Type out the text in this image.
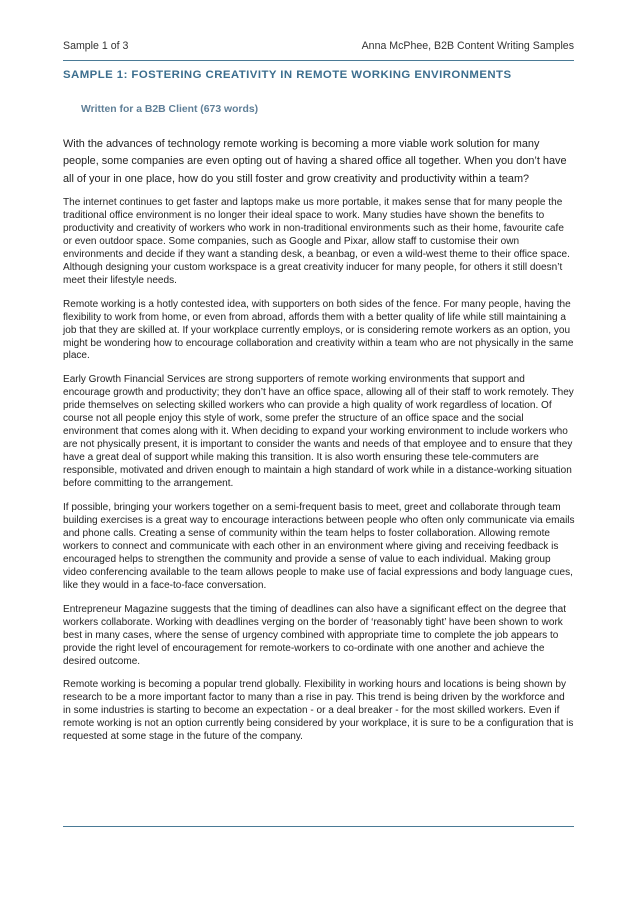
Sample 1 of 3	Anna McPhee, B2B Content Writing Samples
SAMPLE 1: FOSTERING CREATIVITY IN REMOTE WORKING ENVIRONMENTS
Written for a B2B Client (673 words)

With the advances of technology remote working is becoming a more viable work solution for many people, some companies are even opting out of having a shared office all together. When you don’t have all of your in one place, how do you still foster and grow creativity and productivity within a team?

The internet continues to get faster and laptops make us more portable, it makes sense that for many people the traditional office environment is no longer their ideal space to work. Many studies have shown the benefits to productivity and creativity of workers who work in non-traditional environments such as their home, favourite cafe or even outdoor space. Some companies, such as Google and Pixar, allow staff to customise their own environments and decide if they want a standing desk, a beanbag, or even a wild-west theme to their office space. Although designing your custom workspace is a great creativity inducer for many people, for others it still doesn’t meet their lifestyle needs.

Remote working is a hotly contested idea, with supporters on both sides of the fence. For many people, having the flexibility to work from home, or even from abroad, affords them with a better quality of life while still maintaining a job that they are skilled at. If your workplace currently employs, or is considering remote workers as an option, you might be wondering how to encourage collaboration and creativity within a team who are not physically in the same place.

Early Growth Financial Services are strong supporters of remote working environments that support and encourage growth and productivity; they don’t have an office space, allowing all of their staff to work remotely. They pride themselves on selecting skilled workers who can provide a high quality of work regardless of location. Of course not all people enjoy this style of work, some prefer the structure of an office space and the social environment that comes along with it. When deciding to expand your working environment to include workers who are not physically present, it is important to consider the wants and needs of that employee and to ensure that they have a great deal of support while making this transition. It is also worth ensuring these tele-commuters are responsible, motivated and driven enough to maintain a high standard of work while in a distance-working situation before committing to the arrangement.

If possible, bringing your workers together on a semi-frequent basis to meet, greet and collaborate through team building exercises is a great way to encourage interactions between people who often only communicate via emails and phone calls. Creating a sense of community within the team helps to foster collaboration. Allowing remote workers to connect and communicate with each other in an environment where giving and receiving feedback is encouraged helps to strengthen the community and provide a sense of value to each individual. Making group video conferencing available to the team allows people to make use of facial expressions and body language cues, like they would in a face-to-face conversation.

Entrepreneur Magazine suggests that the timing of deadlines can also have a significant effect on the degree that workers collaborate. Working with deadlines verging on the border of ‘reasonably tight’ have been shown to work best in many cases, where the sense of urgency combined with appropriate time to complete the job appears to provide the right level of encouragement for remote-workers to co-ordinate with one another and achieve the desired outcome.

Remote working is becoming a popular trend globally. Flexibility in working hours and locations is being shown by research to be a more important factor to many than a rise in pay. This trend is being driven by the workforce and in some industries is starting to become an expectation - or a deal breaker - for the most skilled workers. Even if remote working is not an option currently being considered by your workplace, it is sure to be a configuration that is requested at some stage in the future of the company.
